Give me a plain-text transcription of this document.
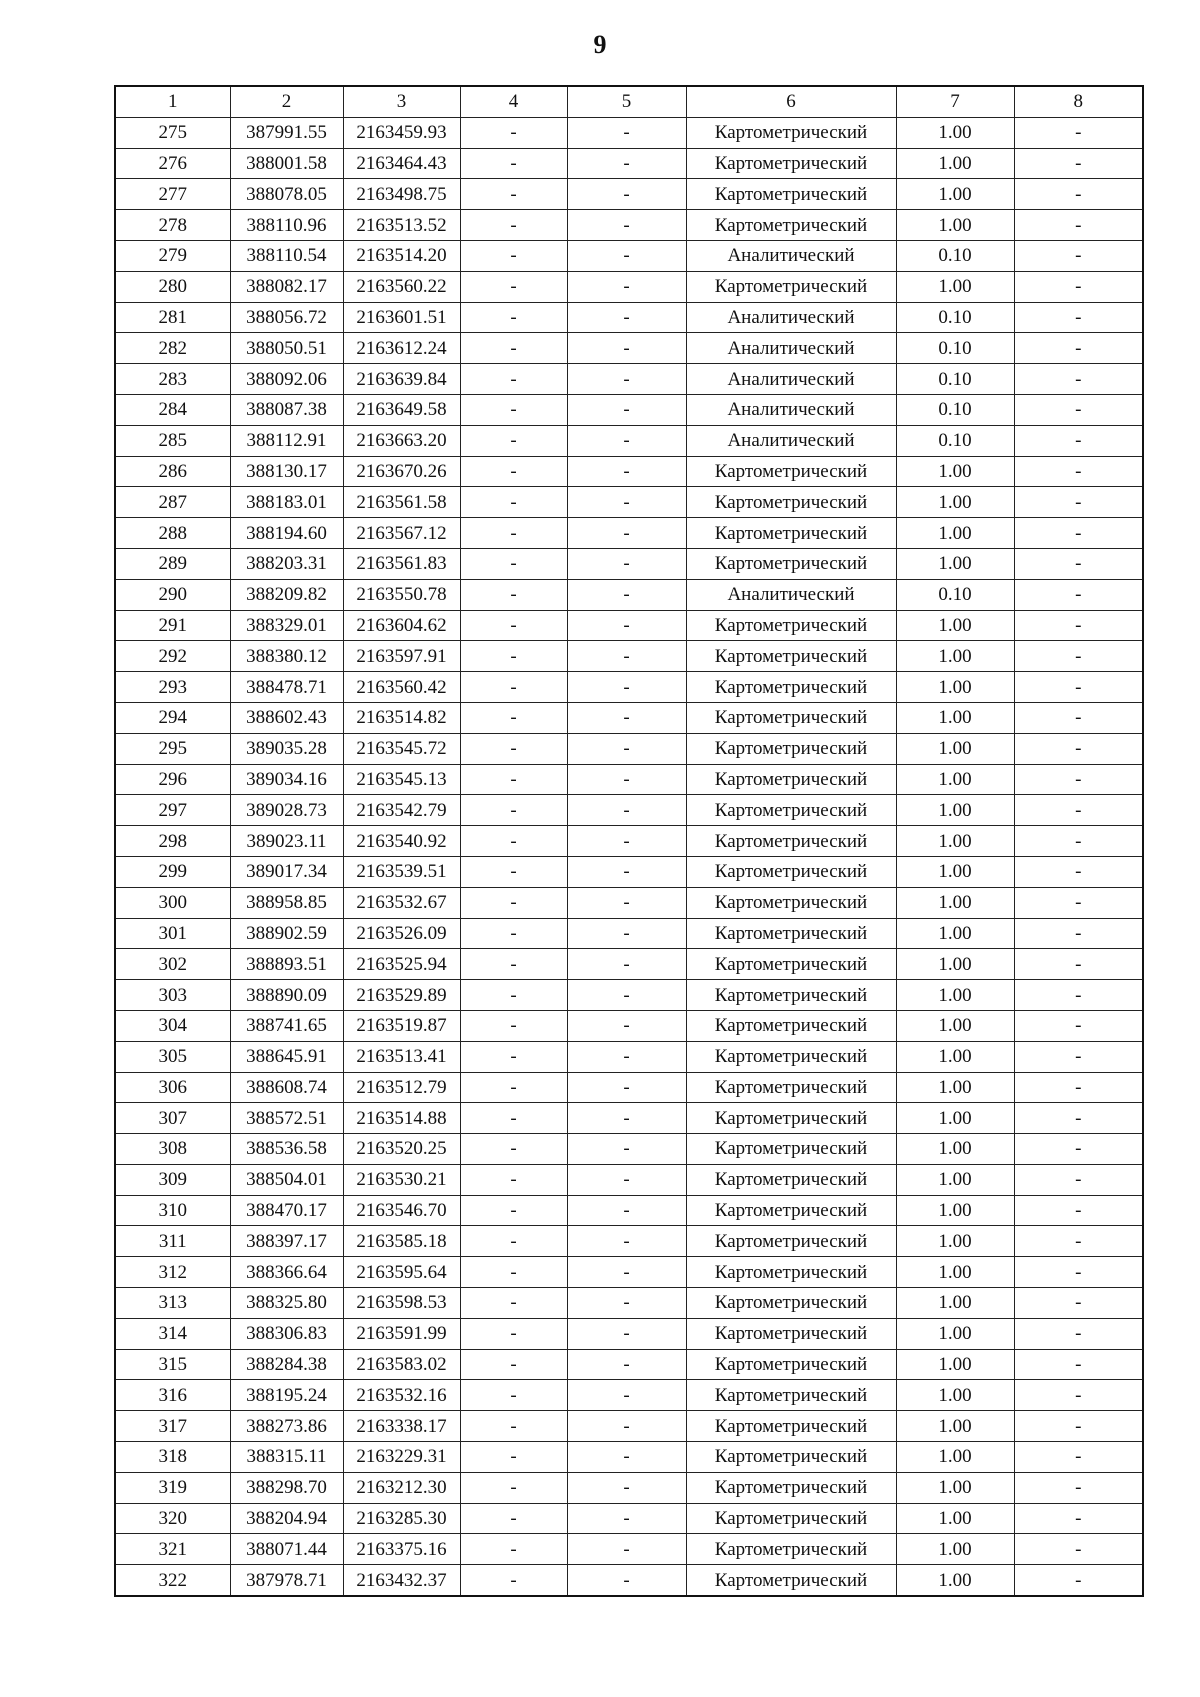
9
1	2	3	4	5	6	7	8
275	387991.55	2163459.93	-	-	Картометрический	1.00	-
276	388001.58	2163464.43	-	-	Картометрический	1.00	-
277	388078.05	2163498.75	-	-	Картометрический	1.00	-
278	388110.96	2163513.52	-	-	Картометрический	1.00	-
279	388110.54	2163514.20	-	-	Аналитический	0.10	-
280	388082.17	2163560.22	-	-	Картометрический	1.00	-
281	388056.72	2163601.51	-	-	Аналитический	0.10	-
282	388050.51	2163612.24	-	-	Аналитический	0.10	-
283	388092.06	2163639.84	-	-	Аналитический	0.10	-
284	388087.38	2163649.58	-	-	Аналитический	0.10	-
285	388112.91	2163663.20	-	-	Аналитический	0.10	-
286	388130.17	2163670.26	-	-	Картометрический	1.00	-
287	388183.01	2163561.58	-	-	Картометрический	1.00	-
288	388194.60	2163567.12	-	-	Картометрический	1.00	-
289	388203.31	2163561.83	-	-	Картометрический	1.00	-
290	388209.82	2163550.78	-	-	Аналитический	0.10	-
291	388329.01	2163604.62	-	-	Картометрический	1.00	-
292	388380.12	2163597.91	-	-	Картометрический	1.00	-
293	388478.71	2163560.42	-	-	Картометрический	1.00	-
294	388602.43	2163514.82	-	-	Картометрический	1.00	-
295	389035.28	2163545.72	-	-	Картометрический	1.00	-
296	389034.16	2163545.13	-	-	Картометрический	1.00	-
297	389028.73	2163542.79	-	-	Картометрический	1.00	-
298	389023.11	2163540.92	-	-	Картометрический	1.00	-
299	389017.34	2163539.51	-	-	Картометрический	1.00	-
300	388958.85	2163532.67	-	-	Картометрический	1.00	-
301	388902.59	2163526.09	-	-	Картометрический	1.00	-
302	388893.51	2163525.94	-	-	Картометрический	1.00	-
303	388890.09	2163529.89	-	-	Картометрический	1.00	-
304	388741.65	2163519.87	-	-	Картометрический	1.00	-
305	388645.91	2163513.41	-	-	Картометрический	1.00	-
306	388608.74	2163512.79	-	-	Картометрический	1.00	-
307	388572.51	2163514.88	-	-	Картометрический	1.00	-
308	388536.58	2163520.25	-	-	Картометрический	1.00	-
309	388504.01	2163530.21	-	-	Картометрический	1.00	-
310	388470.17	2163546.70	-	-	Картометрический	1.00	-
311	388397.17	2163585.18	-	-	Картометрический	1.00	-
312	388366.64	2163595.64	-	-	Картометрический	1.00	-
313	388325.80	2163598.53	-	-	Картометрический	1.00	-
314	388306.83	2163591.99	-	-	Картометрический	1.00	-
315	388284.38	2163583.02	-	-	Картометрический	1.00	-
316	388195.24	2163532.16	-	-	Картометрический	1.00	-
317	388273.86	2163338.17	-	-	Картометрический	1.00	-
318	388315.11	2163229.31	-	-	Картометрический	1.00	-
319	388298.70	2163212.30	-	-	Картометрический	1.00	-
320	388204.94	2163285.30	-	-	Картометрический	1.00	-
321	388071.44	2163375.16	-	-	Картометрический	1.00	-
322	387978.71	2163432.37	-	-	Картометрический	1.00	-
